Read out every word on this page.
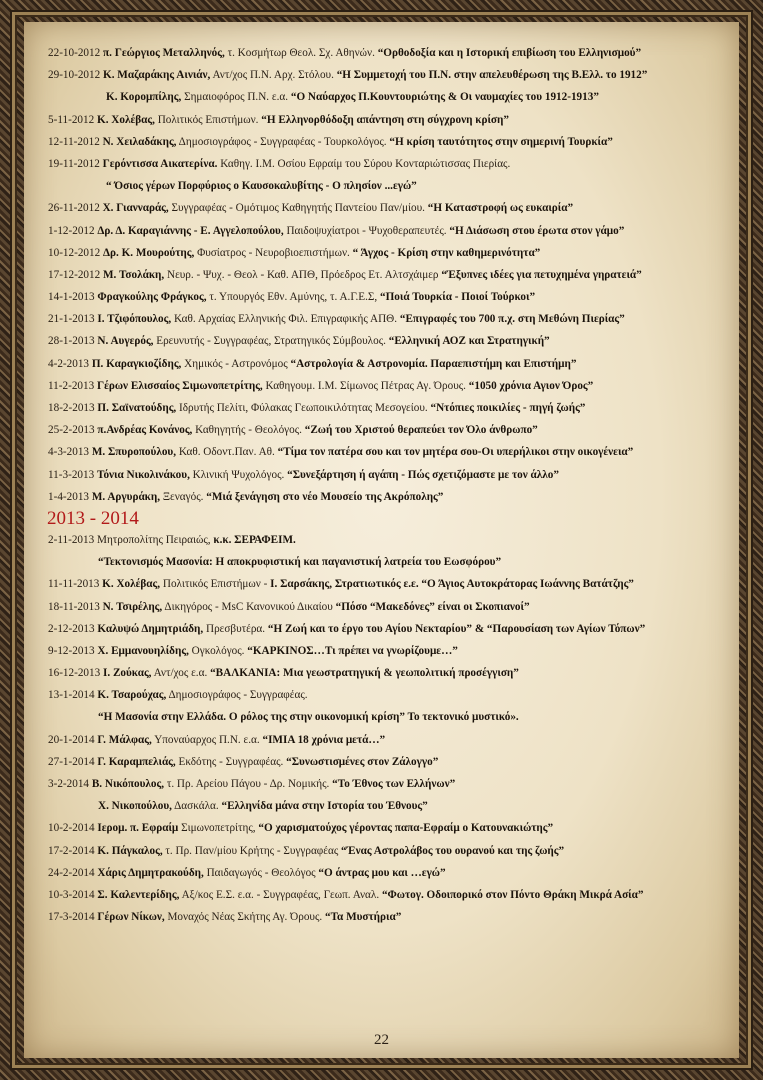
22-10-2012 π. Γεώργιος Μεταλληνός, τ. Κοσμήτωρ Θεολ. Σχ. Αθηνών. “Ορθοδοξία και η Ιστορική επιβίωση του Ελληνισμού”
29-10-2012 Κ. Μαζαράκης Αινιάν, Αντ/χος Π.Ν. Αρχ. Στόλου. “Η Συμμετοχή του Π.Ν. στην απελευθέρωση της Β.Ελλ. το 1912”
Κ. Κορομπίλης, Σημαιοφόρος Π.Ν. ε.α. “Ο Ναύαρχος Π.Κουντουριώτης & Οι ναυμαχίες του 1912-1913”
5-11-2012 Κ. Χολέβας, Πολιτικός Επιστήμων. “Η Ελληνορθόδοξη απάντηση στη σύγχρονη κρίση”
12-11-2012 Ν. Χειλαδάκης, Δημοσιογράφος - Συγγραφέας - Τουρκολόγος. “Η κρίση ταυτότητος στην σημερινή Τουρκία”
19-11-2012 Γερόντισσα Αικατερίνα. Καθηγ. Ι.Μ. Οσίου Εφραίμ του Σύρου Κονταριώτισσας Πιερίας.
“ Όσιος γέρων Πορφύριος ο Καυσοκαλυβίτης - Ο πλησίον ...εγώ”
26-11-2012 Χ. Γιανναράς, Συγγραφέας - Ομότιμος Καθηγητής Παντείου Παν/μίου. “Η Καταστροφή ως ευκαιρία”
1-12-2012 Δρ. Δ. Καραγιάννης - Ε. Αγγελοπούλου, Παιδοψυχίατροι - Ψυχοθεραπευτές. “Η Διάσωση στου έρωτα στον γάμο”
10-12-2012 Δρ. Κ. Μουρούτης, Φυσίατρος - Νευροβιοεπιστήμων. “ Άγχος - Κρίση στην καθημερινότητα”
17-12-2012 Μ. Τσολάκη, Νευρ. - Ψυχ. - Θεολ - Καθ. ΑΠΘ, Πρόεδρος Ετ. Αλτσχάιμερ “Έξυπνες ιδέες για πετυχημένα γηρατειά”
14-1-2013 Φραγκούλης Φράγκος, τ. Υπουργός Εθν. Αμύνης, τ. Α.Γ.Ε.Σ, “Ποιά Τουρκία - Ποιοί Τούρκοι”
21-1-2013 Ι. Τζιφόπουλος, Καθ. Αρχαίας Ελληνικής Φιλ. Επιγραφικής ΑΠΘ. “Επιγραφές του 700 π.χ. στη Μεθώνη Πιερίας”
28-1-2013 Ν. Αυγερός, Ερευνυτής - Συγγραφέας, Στρατηγικός Σύμβουλος. “Ελληνική ΑΟΖ και Στρατηγική”
4-2-2013 Π. Καραγκιοζίδης, Χημικός - Αστρονόμος “Αστρολογία & Αστρονομία. Παραεπιστήμη και Επιστήμη”
11-2-2013 Γέρων Ελισσαίος Σιμωνοπετρίτης, Καθηγουμ. Ι.Μ. Σίμωνος Πέτρας Αγ. Όρους. “1050 χρόνια Αγιον Όρος”
18-2-2013 Π. Σαϊνατούδης, Ιδρυτής Πελίτι, Φύλακας Γεωποικιλότητας Μεσογείου. “Ντόπιες ποικιλίες - πηγή ζωής”
25-2-2013 π.Ανδρέας Κονάνος, Καθηγητής - Θεολόγος. “Ζωή του Χριστού θεραπεύει τον Όλο άνθρωπο”
4-3-2013 Μ. Σπυροπούλου, Καθ. Οδοντ.Παν. Αθ. “Τίμα τον πατέρα σου και τον μητέρα σου-Οι υπερήλικοι στην οικογένεια”
11-3-2013 Τόνια Νικολινάκου, Κλινική Ψυχολόγος. “Συνεξάρτηση ή αγάπη - Πώς σχετιζόμαστε με τον άλλο”
1-4-2013 Μ. Αργυράκη, Ξεναγός. “Μιά ξενάγηση στο νέο Μουσείο της Ακρόπολης”
2013 - 2014
2-11-2013 Μητροπολίτης Πειραιώς, κ.κ. ΣΕΡΑΦΕΙΜ.
“Τεκτονισμός Μασονία: Η αποκρυφιστική και παγανιστική λατρεία του Εωσφόρου”
11-11-2013 Κ. Χολέβας, Πολιτικός Επιστήμων - Ι. Σαρσάκης, Στρατιωτικός ε.ε. “Ο Άγιος Αυτοκράτορας Ιωάννης Βατάτζης”
18-11-2013 Ν. Τσιρέλης, Δικηγόρος - MsC Κανονικού Δικαίου “Πόσο “Μακεδόνες” είναι οι Σκοπιανοί”
2-12-2013 Καλυψώ Δημητριάδη, Πρεσβυτέρα. “Η Ζωή και το έργο του Αγίου Νεκταρίου” & “Παρουσίαση των Αγίων Τόπων”
9-12-2013 Χ. Εμμανουηλίδης, Ογκολόγος. “ΚΑΡΚΙΝΟΣ…Τι πρέπει να γνωρίζουμε…”
16-12-2013 Ι. Ζούκας, Αντ/χος ε.α. “ΒΑΛΚΑΝΙΑ: Μια γεωστρατηγική & γεωπολιτική προσέγγιση”
13-1-2014 Κ. Τσαρούχας, Δημοσιογράφος - Συγγραφέας.
“Η Μασονία στην Ελλάδα. Ο ρόλος της στην οικονομική κρίση” Το τεκτονικό μυστικό».
20-1-2014 Γ. Μάλφας, Υποναύαρχος Π.Ν. ε.α. “ΙΜΙΑ 18 χρόνια μετά…”
27-1-2014 Γ. Καραμπελιάς, Εκδότης - Συγγραφέας. “Συνωστισμένες στον Ζάλογγο”
3-2-2014 Β. Νικόπουλος, τ. Πρ. Αρείου Πάγου - Δρ. Νομικής. “Το Έθνος των Ελλήνων”
Χ. Νικοπούλου, Δασκάλα. “Ελληνίδα μάνα στην Ιστορία του Έθνους”
10-2-2014 Ιερομ. π. Εφραίμ Σιμωνοπετρίτης, “Ο χαρισματούχος γέροντας παπα-Εφραίμ ο Κατουνακιώτης”
17-2-2014 Κ. Πάγκαλος, τ. Πρ. Παν/μίου Κρήτης - Συγγραφέας “Ένας Αστρολάβος του ουρανού και της ζωής”
24-2-2014 Χάρις Δημητρακούδη, Παιδαγωγός - Θεολόγος “Ο άντρας μου και …εγώ”
10-3-2014 Σ. Καλεντερίδης, Αξ/κος Ε.Σ. ε.α. - Συγγραφέας, Γεωπ. Αναλ. “Φωτογ. Οδοιπορικό στον Πόντο Θράκη Μικρά Ασία”
17-3-2014 Γέρων Νίκων, Μοναχός Νέας Σκήτης Αγ. Όρους. “Τα Μυστήρια”
22
